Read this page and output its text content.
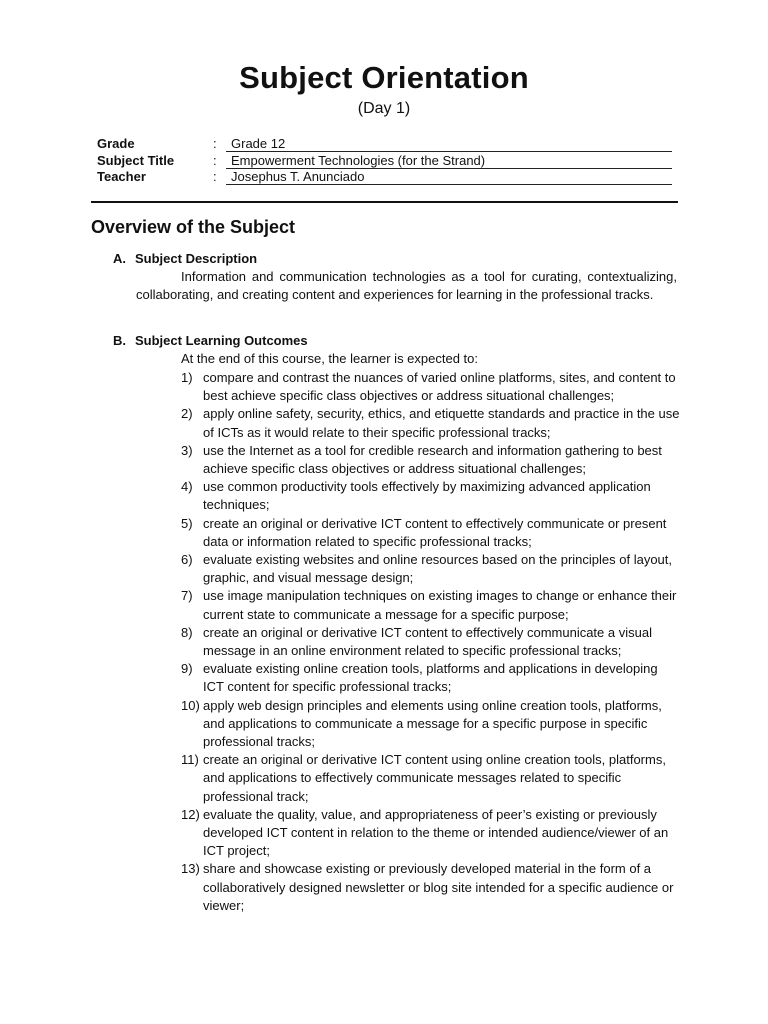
Subject Orientation
(Day 1)
Grade	:	Grade 12
Subject Title	:	Empowerment Technologies (for the Strand)
Teacher	:	Josephus T. Anunciado
Overview of the Subject
A. Subject Description

Information and communication technologies as a tool for curating, contextualizing, collaborating, and creating content and experiences for learning in the professional tracks.

B. Subject Learning Outcomes
At the end of this course, the learner is expected to:
1) compare and contrast the nuances of varied online platforms, sites, and content to best achieve specific class objectives or address situational challenges;
2) apply online safety, security, ethics, and etiquette standards and practice in the use of ICTs as it would relate to their specific professional tracks;
3) use the Internet as a tool for credible research and information gathering to best achieve specific class objectives or address situational challenges;
4) use common productivity tools effectively by maximizing advanced application techniques;
5) create an original or derivative ICT content to effectively communicate or present data or information related to specific professional tracks;
6) evaluate existing websites and online resources based on the principles of layout, graphic, and visual message design;
7) use image manipulation techniques on existing images to change or enhance their current state to communicate a message for a specific purpose;
8) create an original or derivative ICT content to effectively communicate a visual message in an online environment related to specific professional tracks;
9) evaluate existing online creation tools, platforms and applications in developing ICT content for specific professional tracks;
10) apply web design principles and elements using online creation tools, platforms, and applications to communicate a message for a specific purpose in specific professional tracks;
11) create an original or derivative ICT content using online creation tools, platforms, and applications to effectively communicate messages related to specific professional track;
12) evaluate the quality, value, and appropriateness of peer’s existing or previously developed ICT content in relation to the theme or intended audience/viewer of an ICT project;
13) share and showcase existing or previously developed material in the form of a collaboratively designed newsletter or blog site intended for a specific audience or viewer;
